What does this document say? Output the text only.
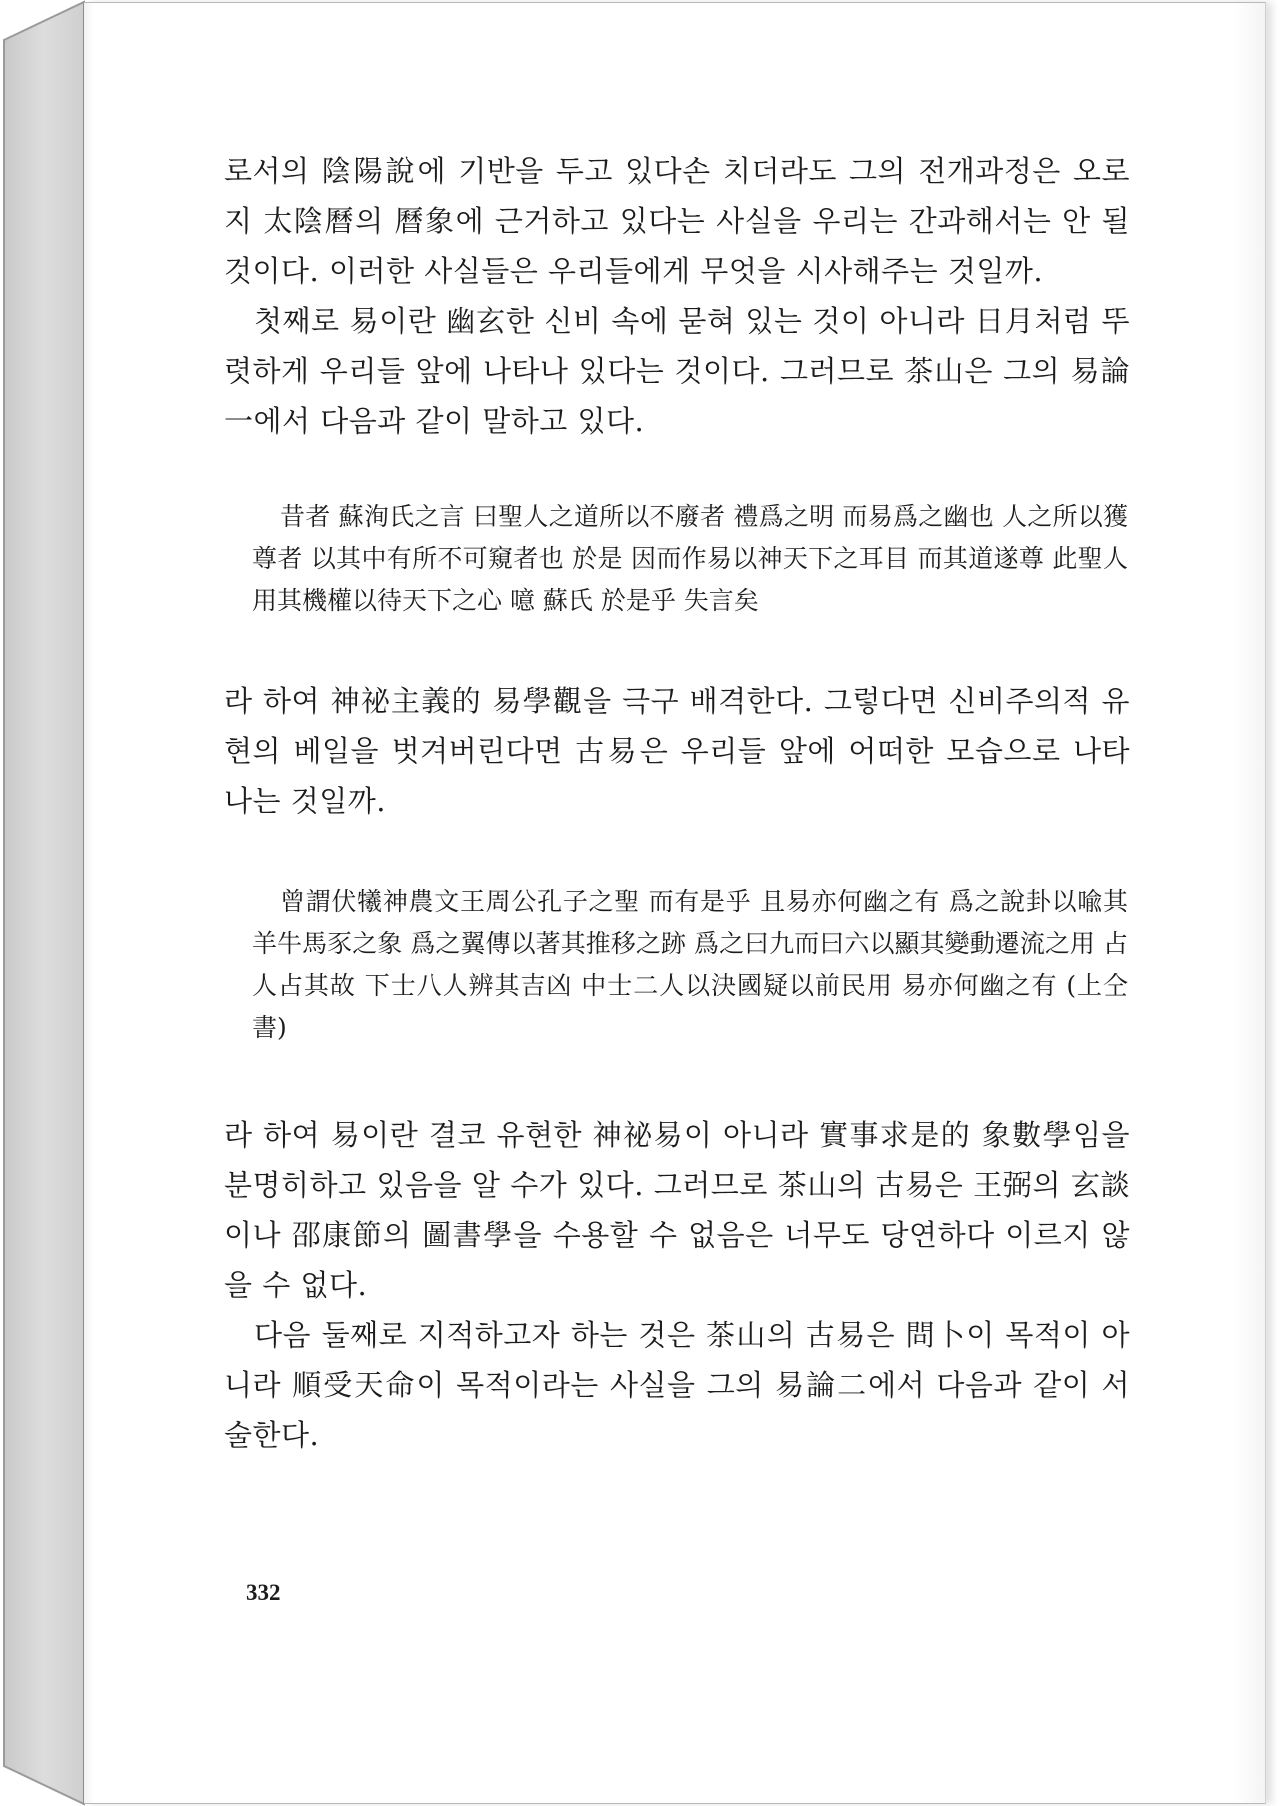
로서의 陰陽說에 기반을 두고 있다손 치더라도 그의 전개과정은 오로지 太陰曆의 曆象에 근거하고 있다는 사실을 우리는 간과해서는 안 될 것이다. 이러한 사실들은 우리들에게 무엇을 시사해주는 것일까.

첫째로 易이란 幽玄한 신비 속에 묻혀 있는 것이 아니라 日月처럼 뚜렷하게 우리들 앞에 나타나 있다는 것이다. 그러므로 茶山은 그의 易論一에서 다음과 같이 말하고 있다.

昔者 蘇洵氏之言 曰聖人之道所以不廢者 禮爲之明 而易爲之幽也 人之所以獲尊者 以其中有所不可窺者也 於是 因而作易以神天下之耳目 而其道遂尊 此聖人用其機權以待天下之心 噫 蘇氏 於是乎 失言矣

라 하여 神祕主義的 易學觀을 극구 배격한다. 그렇다면 신비주의적 유현의 베일을 벗겨버린다면 古易은 우리들 앞에 어떠한 모습으로 나타나는 것일까.

曾謂伏犧神農文王周公孔子之聖 而有是乎 且易亦何幽之有 爲之說卦以喩其羊牛馬豕之象 爲之翼傳以著其推移之跡 爲之曰九而曰六以顯其變動遷流之用 占人占其故 下士八人辨其吉凶 中士二人以決國疑以前民用 易亦何幽之有 (上仝書)

라 하여 易이란 결코 유현한 神祕易이 아니라 實事求是的 象數學임을 분명히하고 있음을 알 수가 있다. 그러므로 茶山의 古易은 王弼의 玄談이나 邵康節의 圖書學을 수용할 수 없음은 너무도 당연하다 이르지 않을 수 없다.

다음 둘째로 지적하고자 하는 것은 茶山의 古易은 問卜이 목적이 아니라 順受天命이 목적이라는 사실을 그의 易論二에서 다음과 같이 서술한다.

332
